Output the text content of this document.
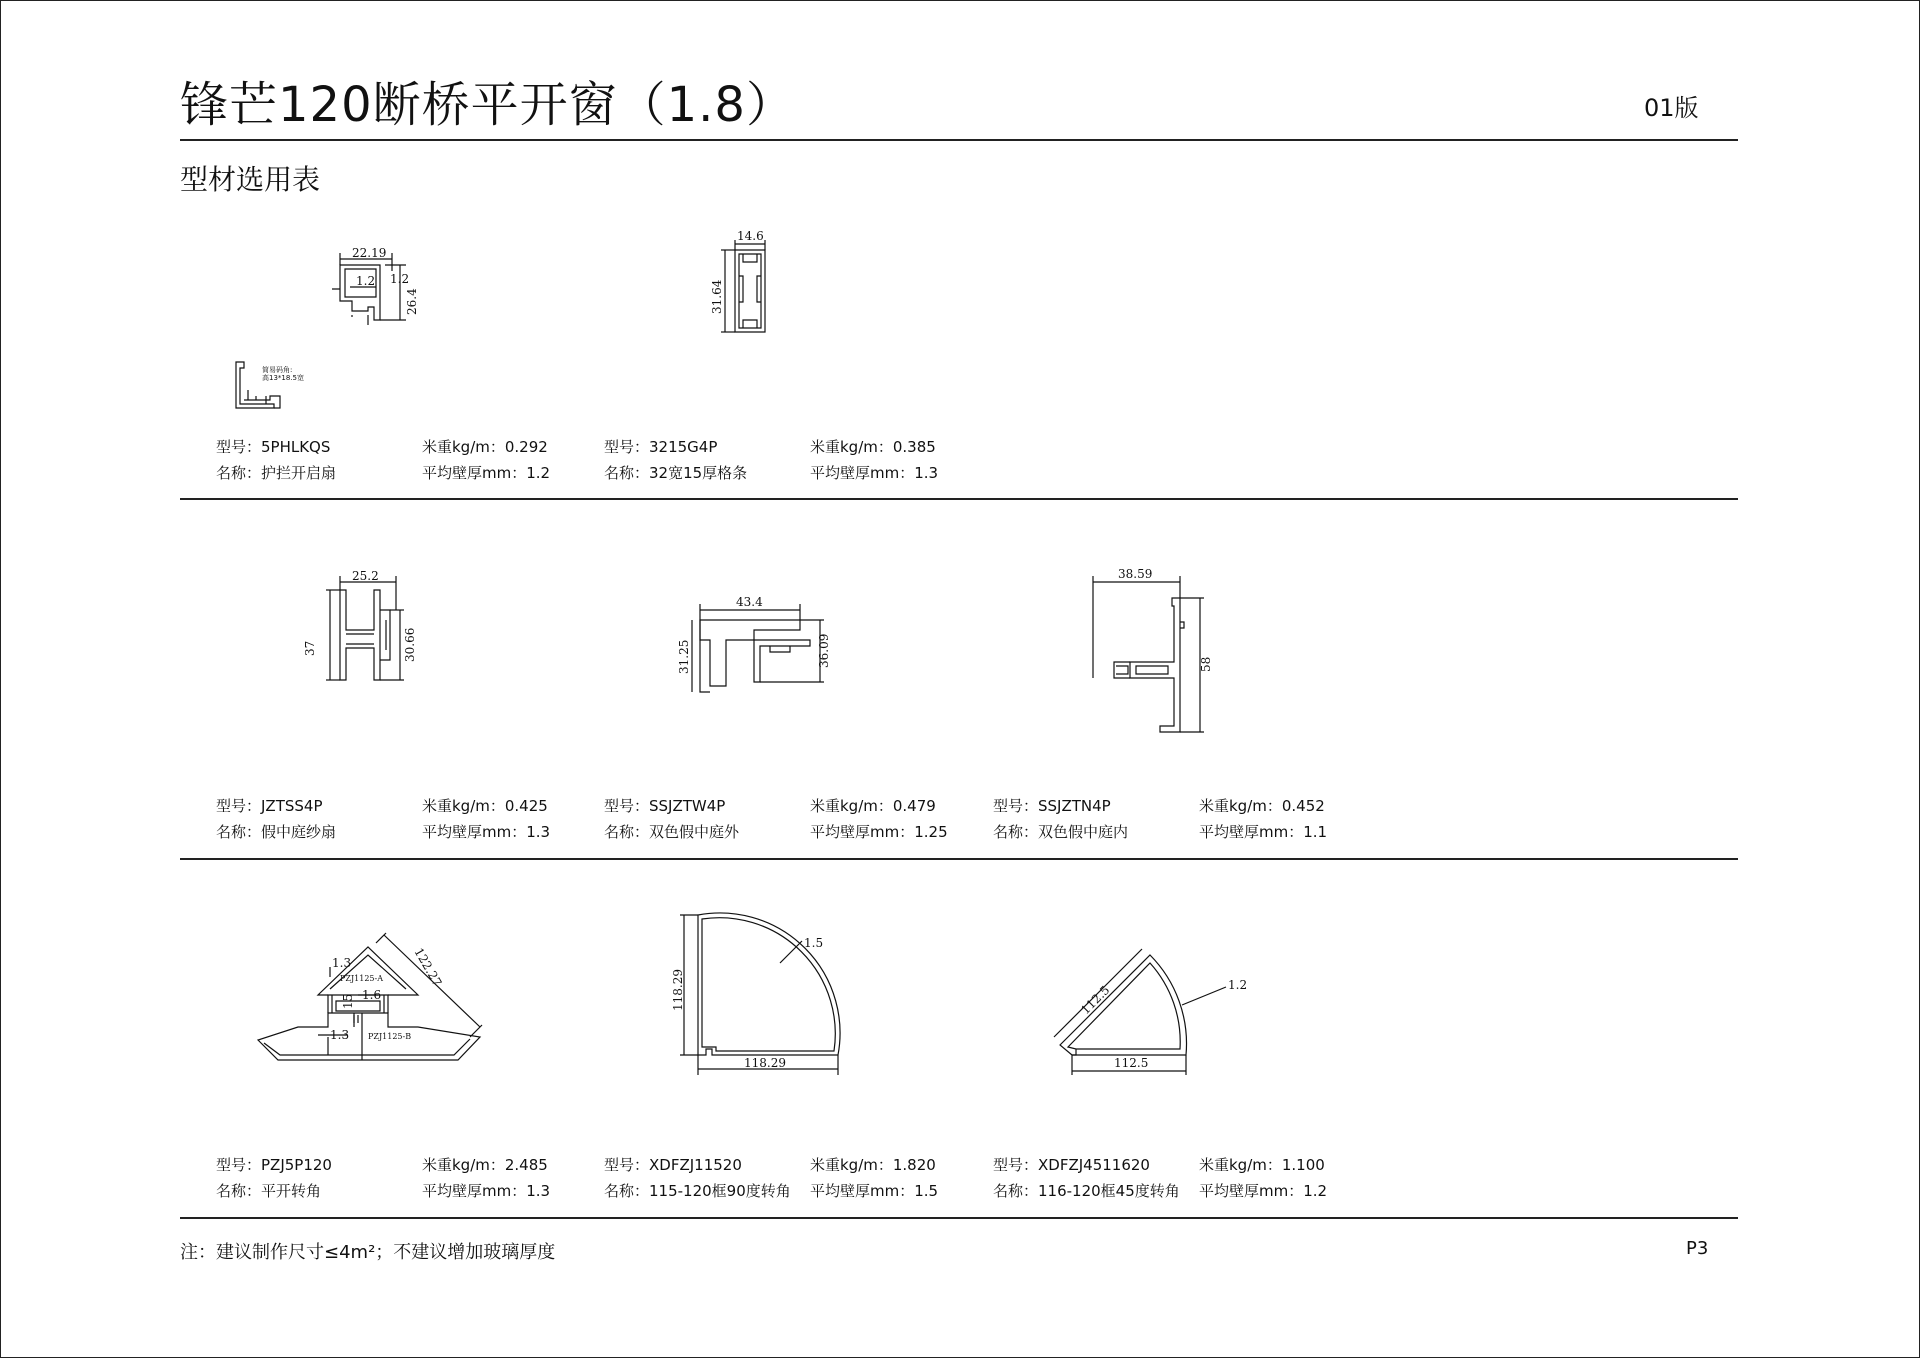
锋芒120断桥平开窗（1.8）	01版
型材选用表
22.19
1.2 1.2
26.4
简易码角:
高13*18.5宽
14.6
31.64
型号：5PHLKQS
名称：护拦开启扇
米重kg/m：0.292
平均壁厚mm：1.2
型号：3215G4P
名称：32宽15厚格条
米重kg/m：0.385
平均壁厚mm：1.3
25.2
37	30.66
43.4
31.25	36.09
38.59
58
型号：JZTSS4P
名称：假中庭纱扇
米重kg/m：0.425
平均壁厚mm：1.3
型号：SSJZTW4P
名称：双色假中庭外
米重kg/m：0.479
平均壁厚mm：1.25
型号：SSJZTN4P
名称：双色假中庭内
米重kg/m：0.452
平均壁厚mm：1.1
122.27
1.3
1.6
1.3
15
PZJ1125-A
PZJ1125-B
1.5
118.29
118.29
1.2
112.5
112.5
型号：PZJ5P120
名称：平开转角
米重kg/m：2.485
平均壁厚mm：1.3
型号：XDFZJ11520
名称：115-120框90度转角
米重kg/m：1.820
平均壁厚mm：1.5
型号：XDFZJ4511620
名称：116-120框45度转角
米重kg/m：1.100
平均壁厚mm：1.2
注：建议制作尺寸≤4m²；不建议增加玻璃厚度	P3
